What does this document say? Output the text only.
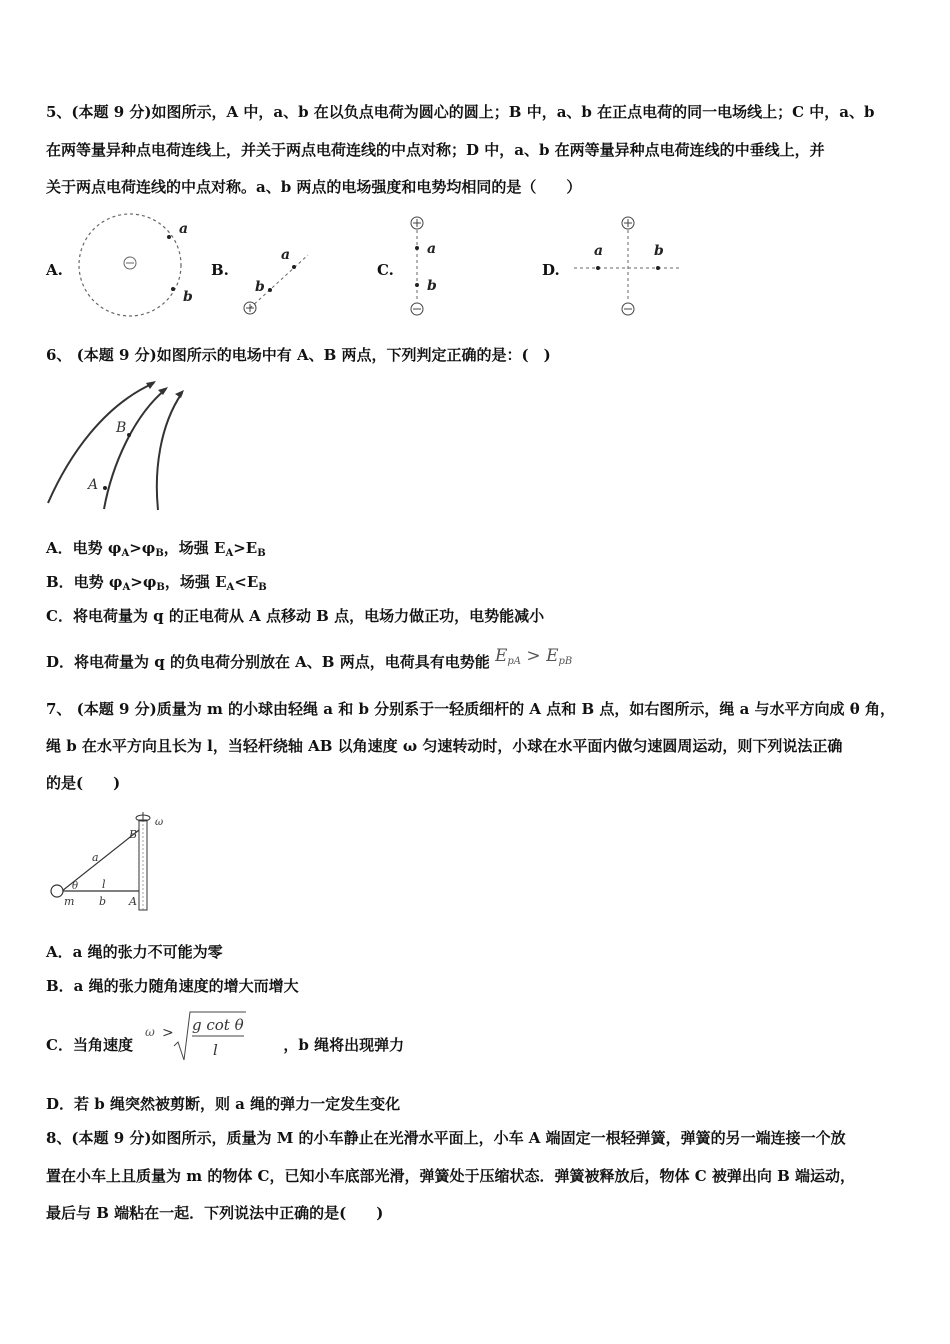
5、(本题 9 分)如图所示，A 中，a、b 在以负点电荷为圆心的圆上；B 中，a、b 在正点电荷的同一电场线上；C 中，a、b
在两等量异种点电荷连线上，并关于两点电荷连线的中点对称；D 中，a、b 在两等量异种点电荷连线的中垂线上，并
关于两点电荷连线的中点对称。a、b 两点的电场强度和电势均相同的是（　　）
A.	B.	C.	D.
a
b
a
b
a
b
a	b
6、 (本题 9 分)如图所示的电场中有 A、B 两点，下列判定正确的是：(　)
A
B
A．电势 $\varphi_A>\varphi_B$，场强 $E_A>E_B$
B．电势 $\varphi_A>\varphi_B$，场强 $E_A<E_B$
C．将电荷量为 q 的正电荷从 A 点移动 B 点，电场力做正功，电势能减小
D．将电荷量为 q 的负电荷分别放在 A、B 两点，电荷具有电势能 $E_{pA} > E_{pB}$
7、 (本题 9 分)质量为 m 的小球由轻绳 a 和 b 分别系于一轻质细杆的 A 点和 B 点，如右图所示，绳 a 与水平方向成 θ 角，
绳 b 在水平方向且长为 l，当轻杆绕轴 AB 以角速度 ω 匀速转动时，小球在水平面内做匀速圆周运动，则下列说法正确
的是(　　)
ω
B
a
θ l
m b A
A．a 绳的张力不可能为零
B．a 绳的张力随角速度的增大而增大
C．当角速度	，b 绳将出现弹力
ω > g cot θ
l
D．若 b 绳突然被剪断，则 a 绳的弹力一定发生变化
8、(本题 9 分)如图所示，质量为 M 的小车静止在光滑水平面上，小车 A 端固定一根轻弹簧，弹簧的另一端连接一个放
置在小车上且质量为 m 的物体 C，已知小车底部光滑，弹簧处于压缩状态．弹簧被释放后，物体 C 被弹出向 B 端运动，
最后与 B 端粘在一起．下列说法中正确的是(　　)
